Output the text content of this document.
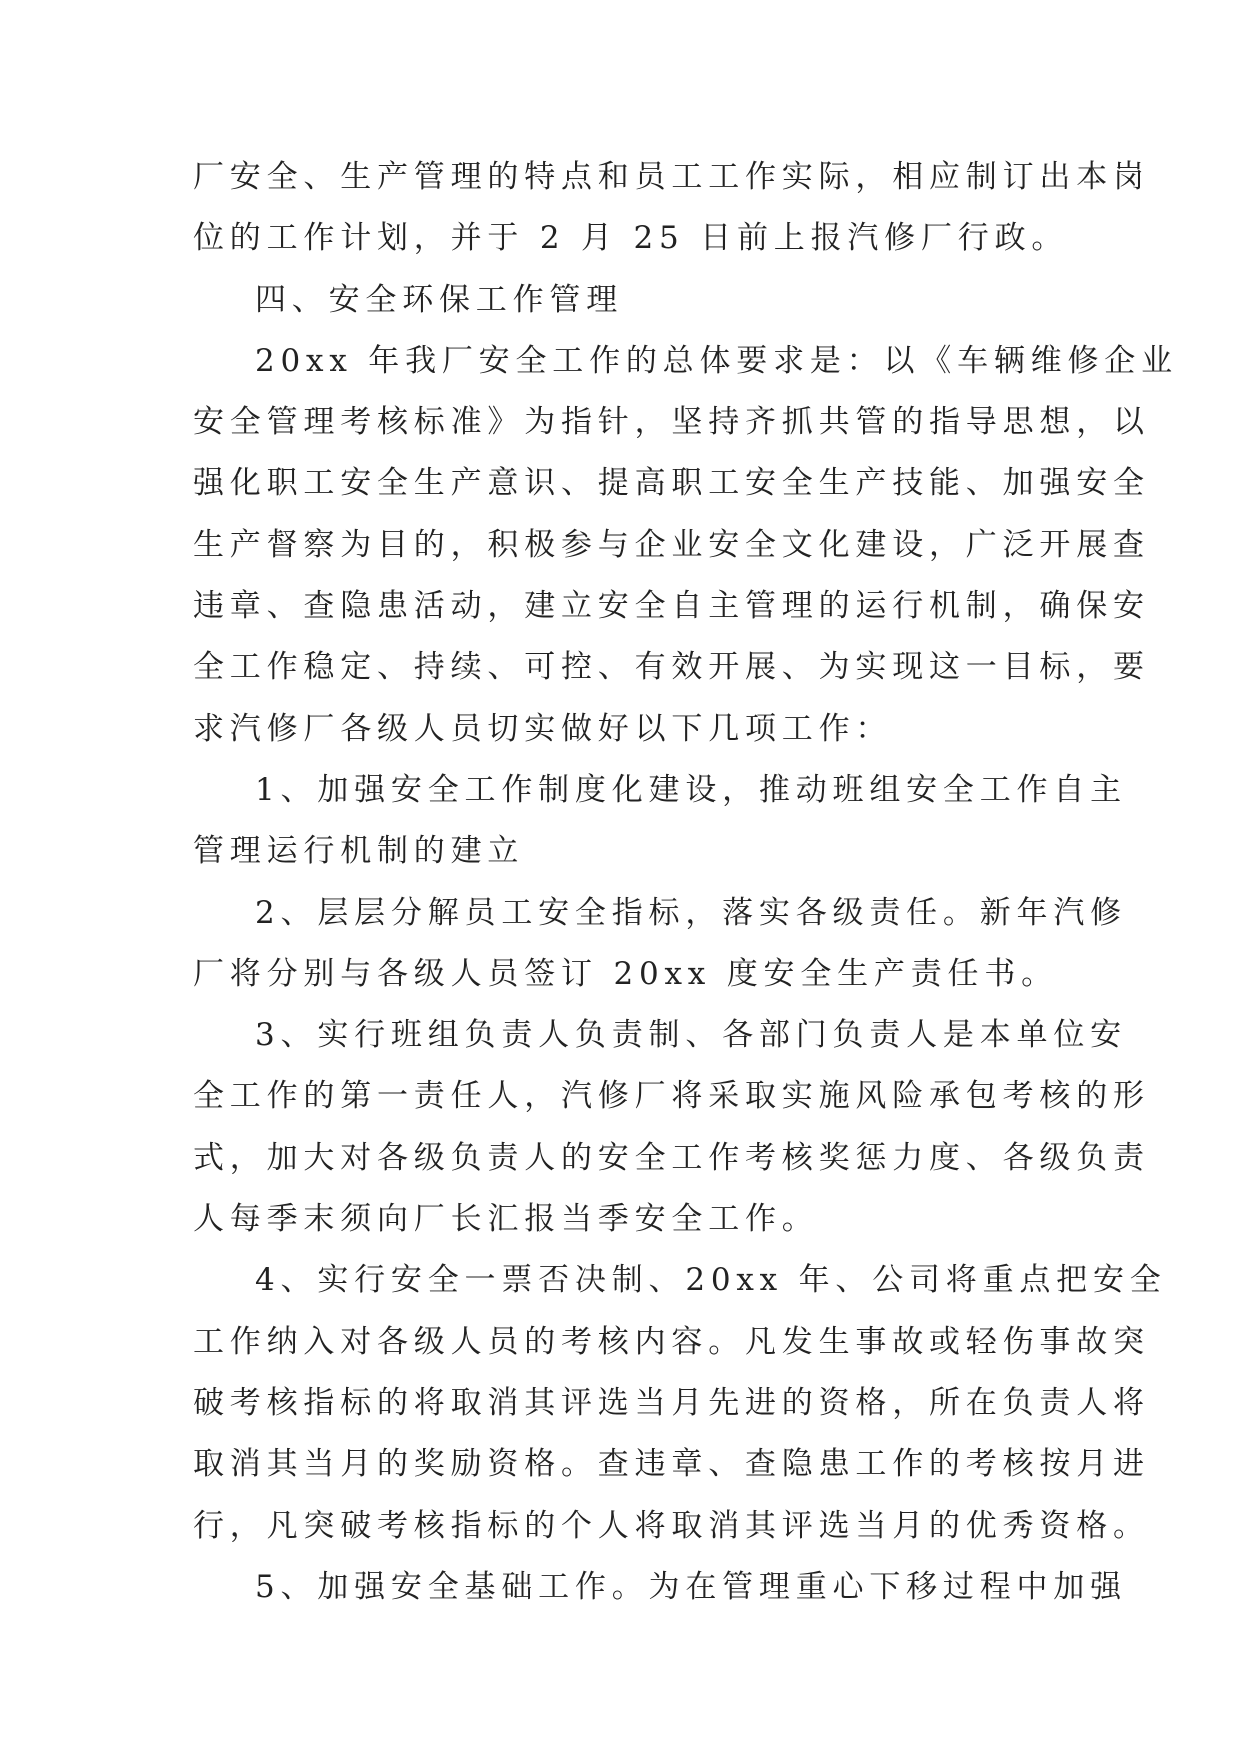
厂安全、生产管理的特点和员工工作实际，相应制订出本岗
位的工作计划，并于 2 月 25 日前上报汽修厂行政。
四、安全环保工作管理
20xx 年我厂安全工作的总体要求是：以《车辆维修企业
安全管理考核标准》为指针，坚持齐抓共管的指导思想，以
强化职工安全生产意识、提高职工安全生产技能、加强安全
生产督察为目的，积极参与企业安全文化建设，广泛开展查
违章、查隐患活动，建立安全自主管理的运行机制，确保安
全工作稳定、持续、可控、有效开展、为实现这一目标，要
求汽修厂各级人员切实做好以下几项工作：
1、加强安全工作制度化建设，推动班组安全工作自主
管理运行机制的建立
2、层层分解员工安全指标，落实各级责任。新年汽修
厂将分别与各级人员签订 20xx 度安全生产责任书。
3、实行班组负责人负责制、各部门负责人是本单位安
全工作的第一责任人，汽修厂将采取实施风险承包考核的形
式，加大对各级负责人的安全工作考核奖惩力度、各级负责
人每季末须向厂长汇报当季安全工作。
4、实行安全一票否决制、20xx 年、公司将重点把安全
工作纳入对各级人员的考核内容。凡发生事故或轻伤事故突
破考核指标的将取消其评选当月先进的资格，所在负责人将
取消其当月的奖励资格。查违章、查隐患工作的考核按月进
行，凡突破考核指标的个人将取消其评选当月的优秀资格。
5、加强安全基础工作。为在管理重心下移过程中加强
